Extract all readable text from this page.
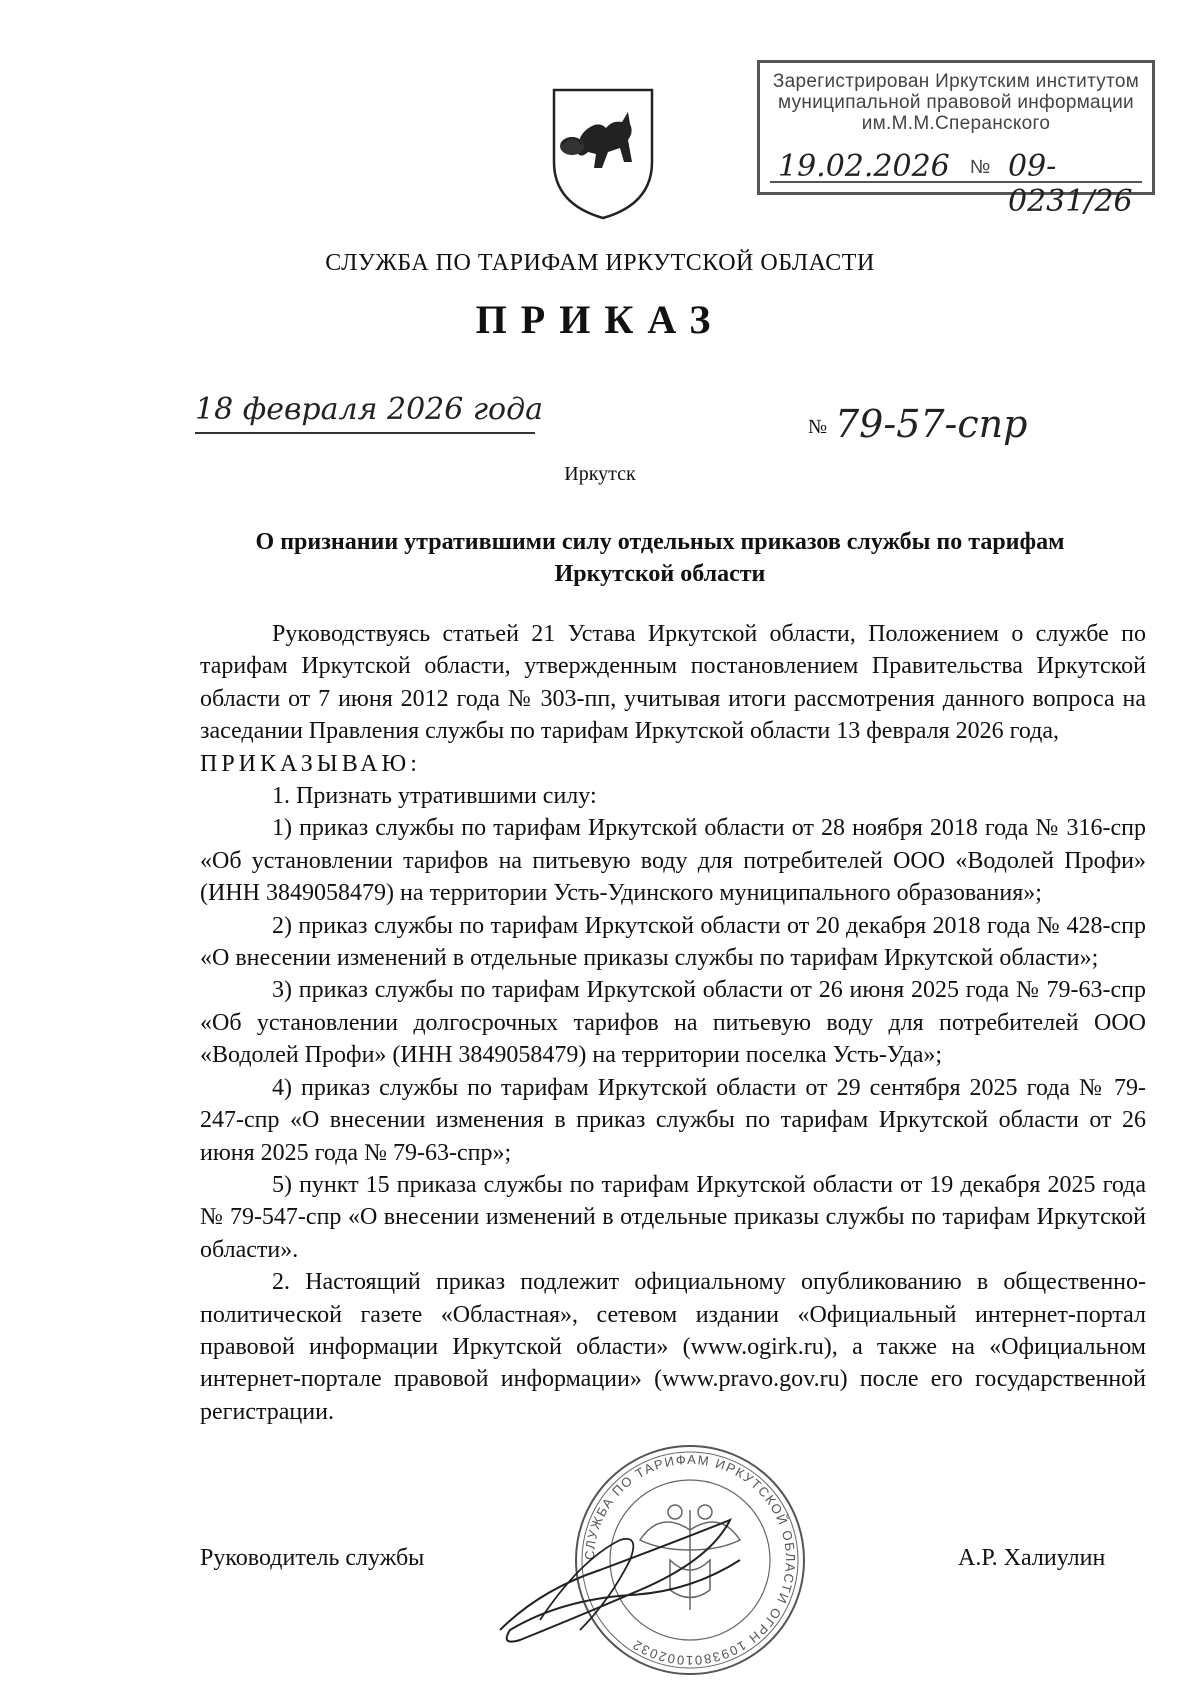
Зарегистрирован Иркутским институтом
муниципальной правовой информации
им.М.М.Сперанского
19.02.2026 № 09-0231/26
СЛУЖБА ПО ТАРИФАМ ИРКУТСКОЙ ОБЛАСТИ
ПРИКАЗ
18 февраля 2026 года	№ 79-57-спр
Иркутск
О признании утратившими силу отдельных приказов службы по тарифам Иркутской области

Руководствуясь статьей 21 Устава Иркутской области, Положением о службе по тарифам Иркутской области, утвержденным постановлением Правительства Иркутской области от 7 июня 2012 года № 303-пп, учитывая итоги рассмотрения данного вопроса на заседании Правления службы по тарифам Иркутской области 13 февраля 2026 года,

ПРИКАЗЫВАЮ:

1. Признать утратившими силу:

1) приказ службы по тарифам Иркутской области от 28 ноября 2018 года № 316-спр «Об установлении тарифов на питьевую воду для потребителей ООО «Водолей Профи» (ИНН 3849058479) на территории Усть-Удинского муниципального образования»;

2) приказ службы по тарифам Иркутской области от 20 декабря 2018 года № 428-спр «О внесении изменений в отдельные приказы службы по тарифам Иркутской области»;

3) приказ службы по тарифам Иркутской области от 26 июня 2025 года № 79-63-спр «Об установлении долгосрочных тарифов на питьевую воду для потребителей ООО «Водолей Профи» (ИНН 3849058479) на территории поселка Усть-Уда»;

4) приказ службы по тарифам Иркутской области от 29 сентября 2025 года № 79-247-спр «О внесении изменения в приказ службы по тарифам Иркутской области от 26 июня 2025 года № 79-63-спр»;

5) пункт 15 приказа службы по тарифам Иркутской области от 19 декабря 2025 года № 79-547-спр «О внесении изменений в отдельные приказы службы по тарифам Иркутской области».

2. Настоящий приказ подлежит официальному опубликованию в общественно-политической газете «Областная», сетевом издании «Официальный интернет-портал правовой информации Иркутской области» (www.ogirk.ru), а также на «Официальном интернет-портале правовой информации» (www.pravo.gov.ru) после его государственной регистрации.

СЛУЖБА ПО ТАРИФАМ ИРКУТСКОЙ ОБЛАСТИ ОГРН 1093801002032
Руководитель службы	А.Р. Халиулин
